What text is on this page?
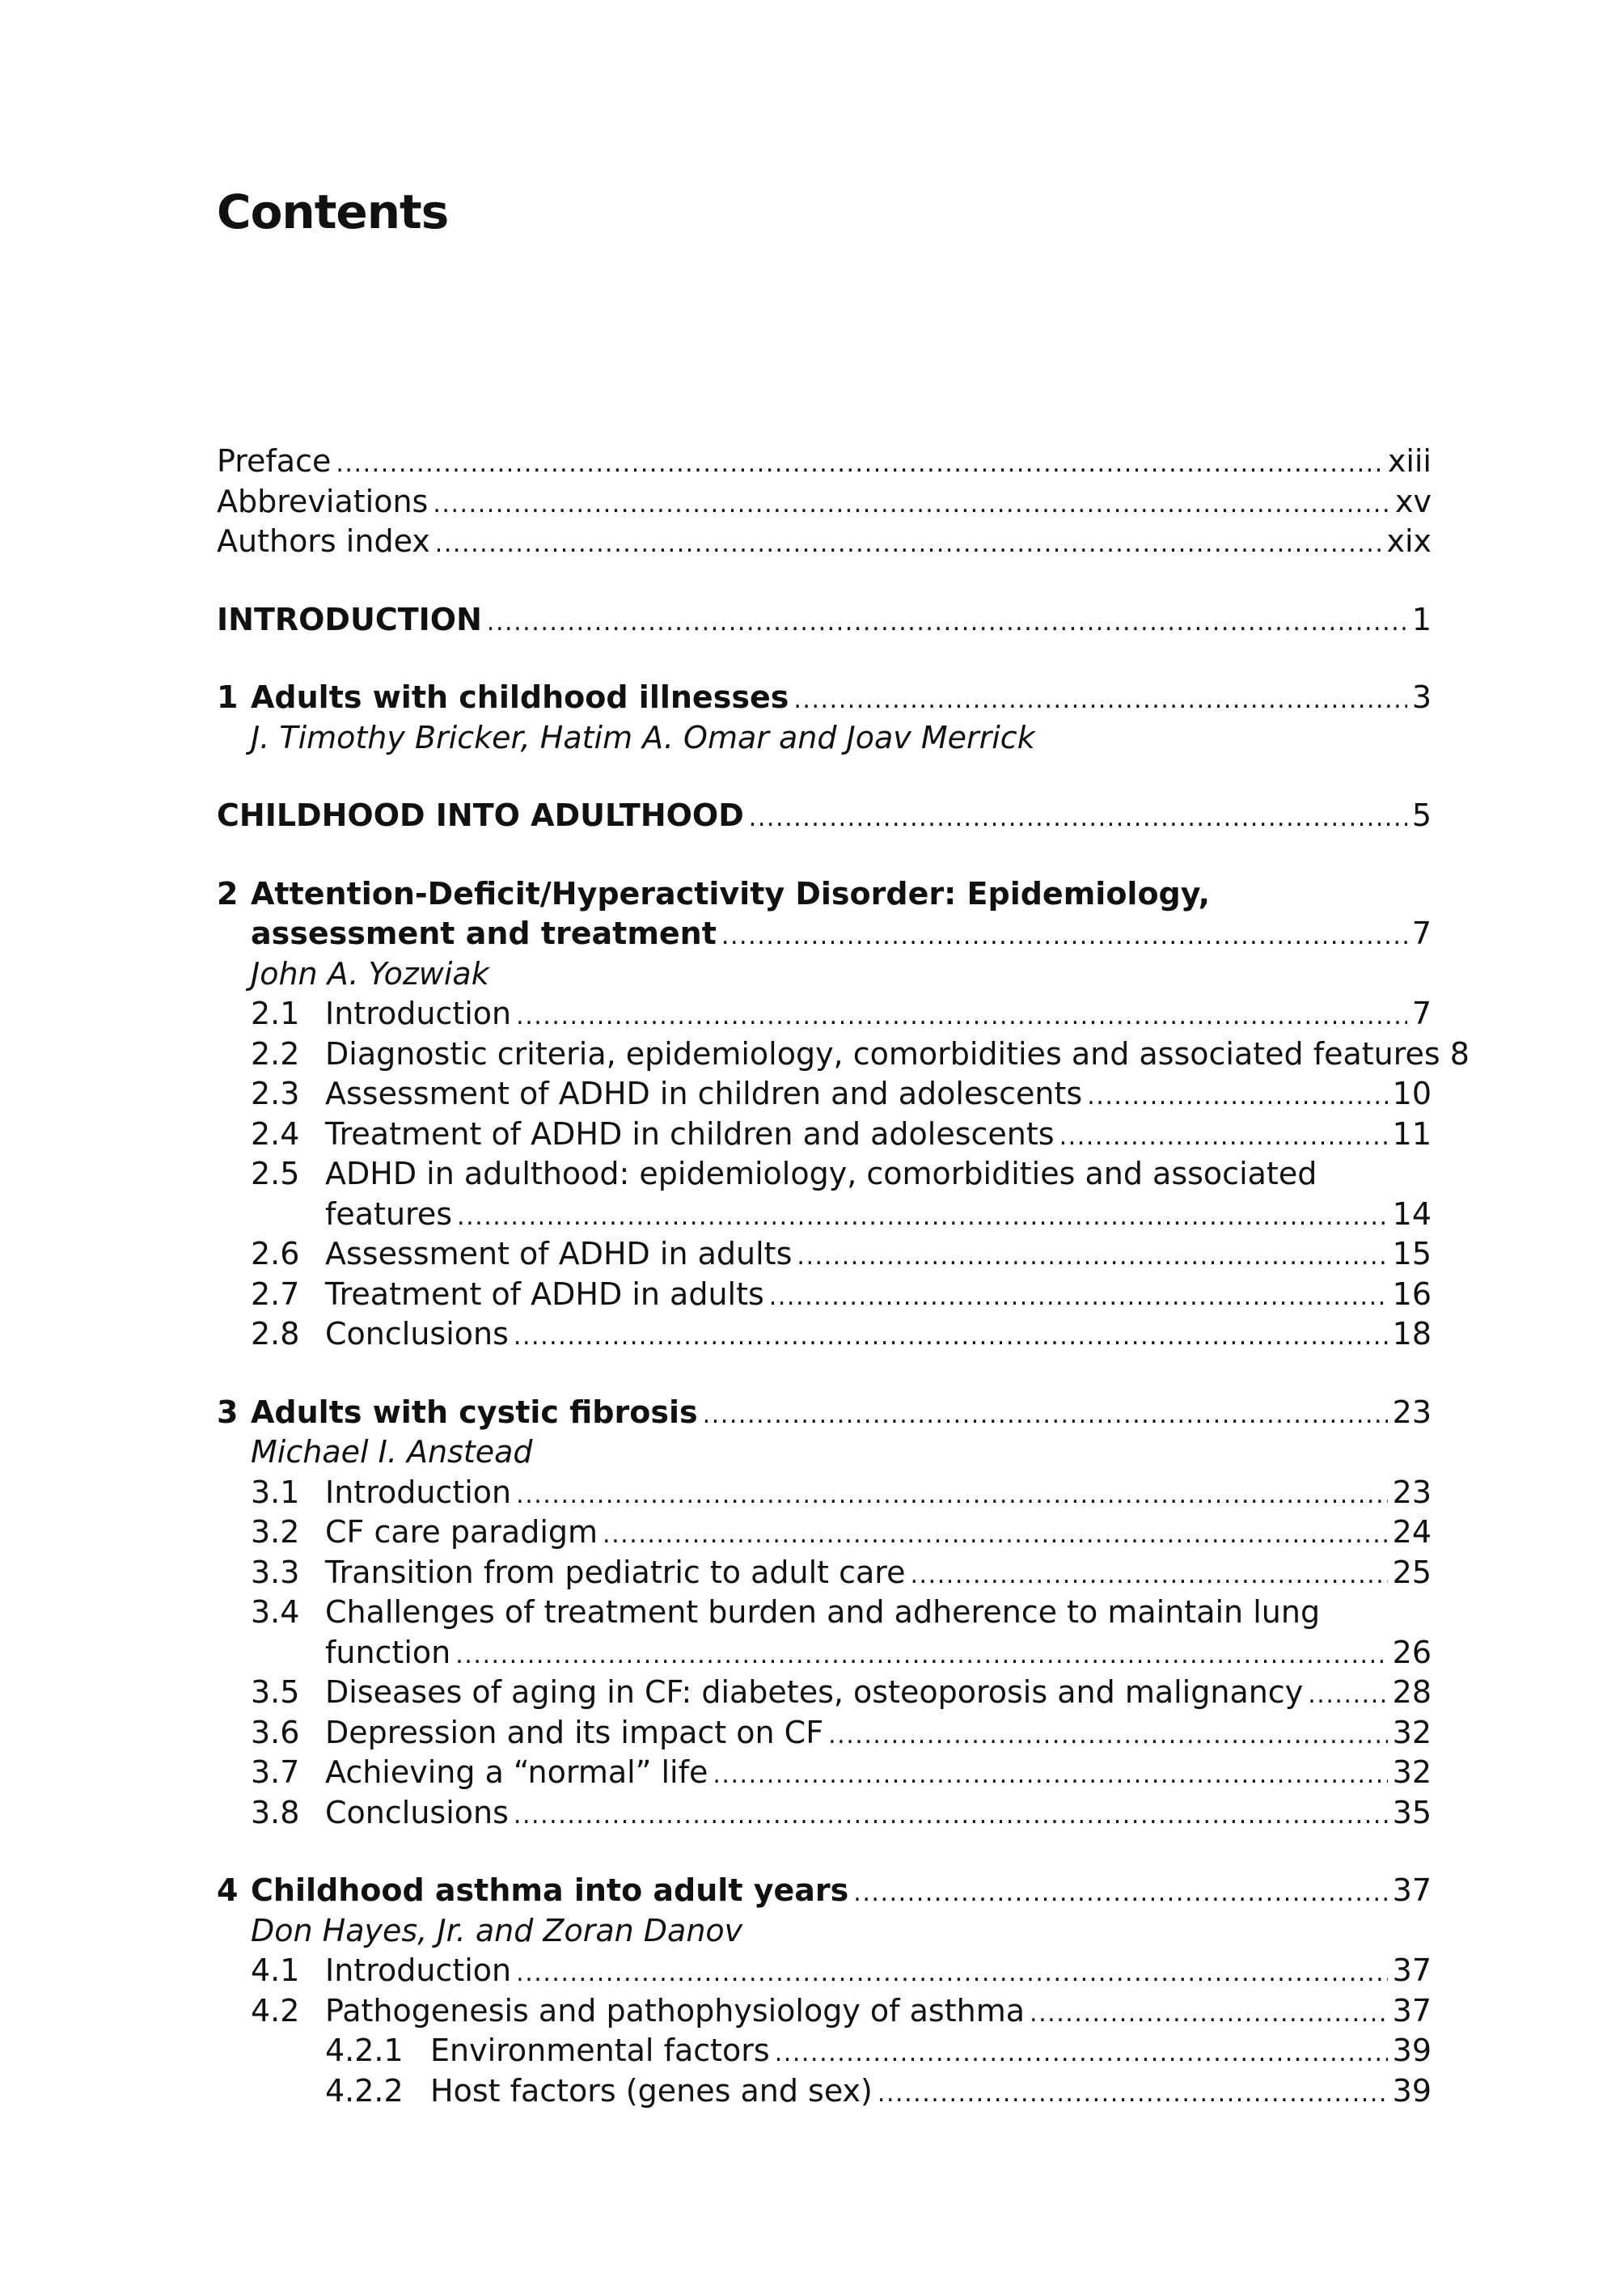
Contents
Preface . . .	xiii
Abbreviations . . .	xv
Authors index . . .	xix
INTRODUCTION . . .	1
1 Adults with childhood illnesses . . .	3
J. Timothy Bricker, Hatim A. Omar and Joav Merrick
CHILDHOOD INTO ADULTHOOD . . .	5
2 Attention-Deficit/Hyperactivity Disorder: Epidemiology,
assessment and treatment . . .	7
John A. Yozwiak
2.1 Introduction . . .	7
2.2 Diagnostic criteria, epidemiology, comorbidities and associated features 8
2.3 Assessment of ADHD in children and adolescents . . .	10
2.4 Treatment of ADHD in children and adolescents . . .	11
2.5 ADHD in adulthood: epidemiology, comorbidities and associated
features . . .	14
2.6 Assessment of ADHD in adults . . .	15
2.7 Treatment of ADHD in adults . . .	16
2.8 Conclusions . . .	18
3 Adults with cystic fibrosis . . .	23
Michael I. Anstead
3.1 Introduction . . .	23
3.2 CF care paradigm . . .	24
3.3 Transition from pediatric to adult care . . .	25
3.4 Challenges of treatment burden and adherence to maintain lung
function . . .	26
3.5 Diseases of aging in CF: diabetes, osteoporosis and malignancy . . .	28
3.6 Depression and its impact on CF . . .	32
3.7 Achieving a “normal” life . . .	32
3.8 Conclusions . . .	35
4 Childhood asthma into adult years . . .	37
Don Hayes, Jr. and Zoran Danov
4.1 Introduction . . .	37
4.2 Pathogenesis and pathophysiology of asthma . . .	37
4.2.1 Environmental factors . . .	39
4.2.2 Host factors (genes and sex) . . .	39
